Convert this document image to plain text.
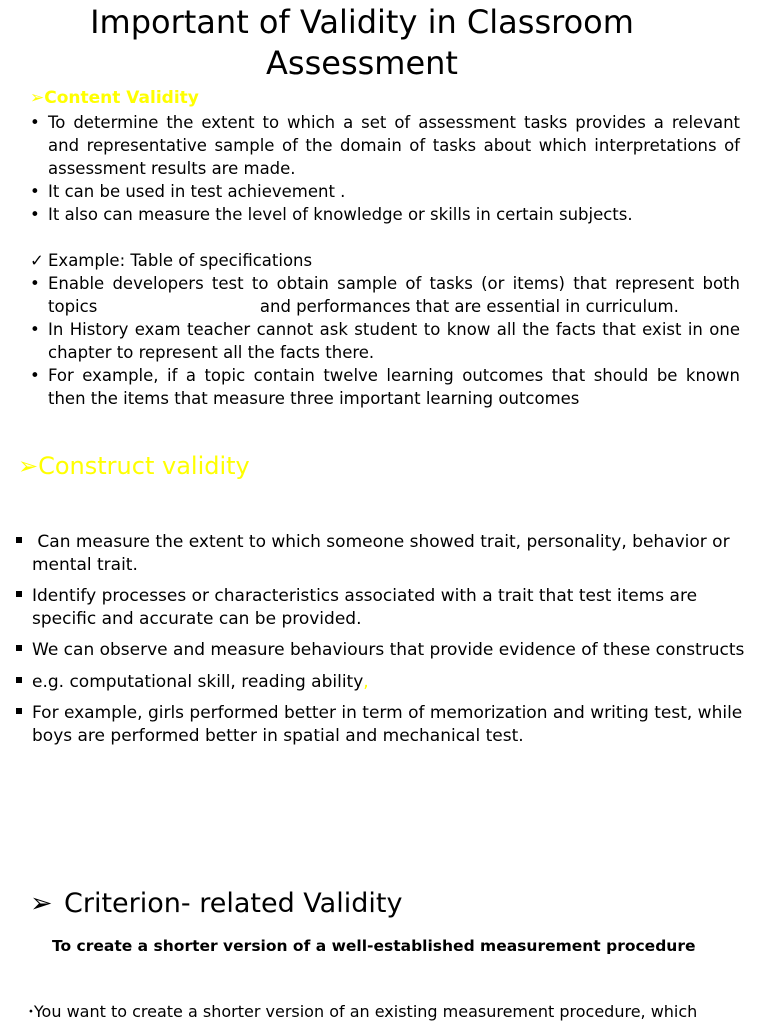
Important of Validity in Classroom Assessment
➢Content Validity
• To determine the extent to which a set of assessment tasks provides a relevant and representative sample of the domain of tasks about which interpretations of assessment results are made.
• It can be used in test achievement .
• It also can measure the level of knowledge or skills in certain subjects.
✓ Example: Table of specifications
• Enable developers test to obtain sample of tasks (or items) that represent both topics                               and performances that are essential in curriculum.
• In History exam teacher cannot ask student to know all the facts that exist in one chapter to represent all the facts there.
• For example, if a topic contain twelve learning outcomes that should be known then the items that measure three important learning outcomes
➢Construct validity
Can measure the extent to which someone showed trait, personality, behavior or mental trait.
Identify processes or characteristics associated with a trait that test items are specific and accurate can be provided.
We can observe and measure behaviours that provide evidence of these constructs
e.g. computational skill, reading ability,
For example, girls performed better in term of memorization and writing test, while boys are performed better in spatial and mechanical test.
➢ Criterion- related Validity
To create a shorter version of a well-established measurement procedure
•You want to create a shorter version of an existing measurement procedure, which
